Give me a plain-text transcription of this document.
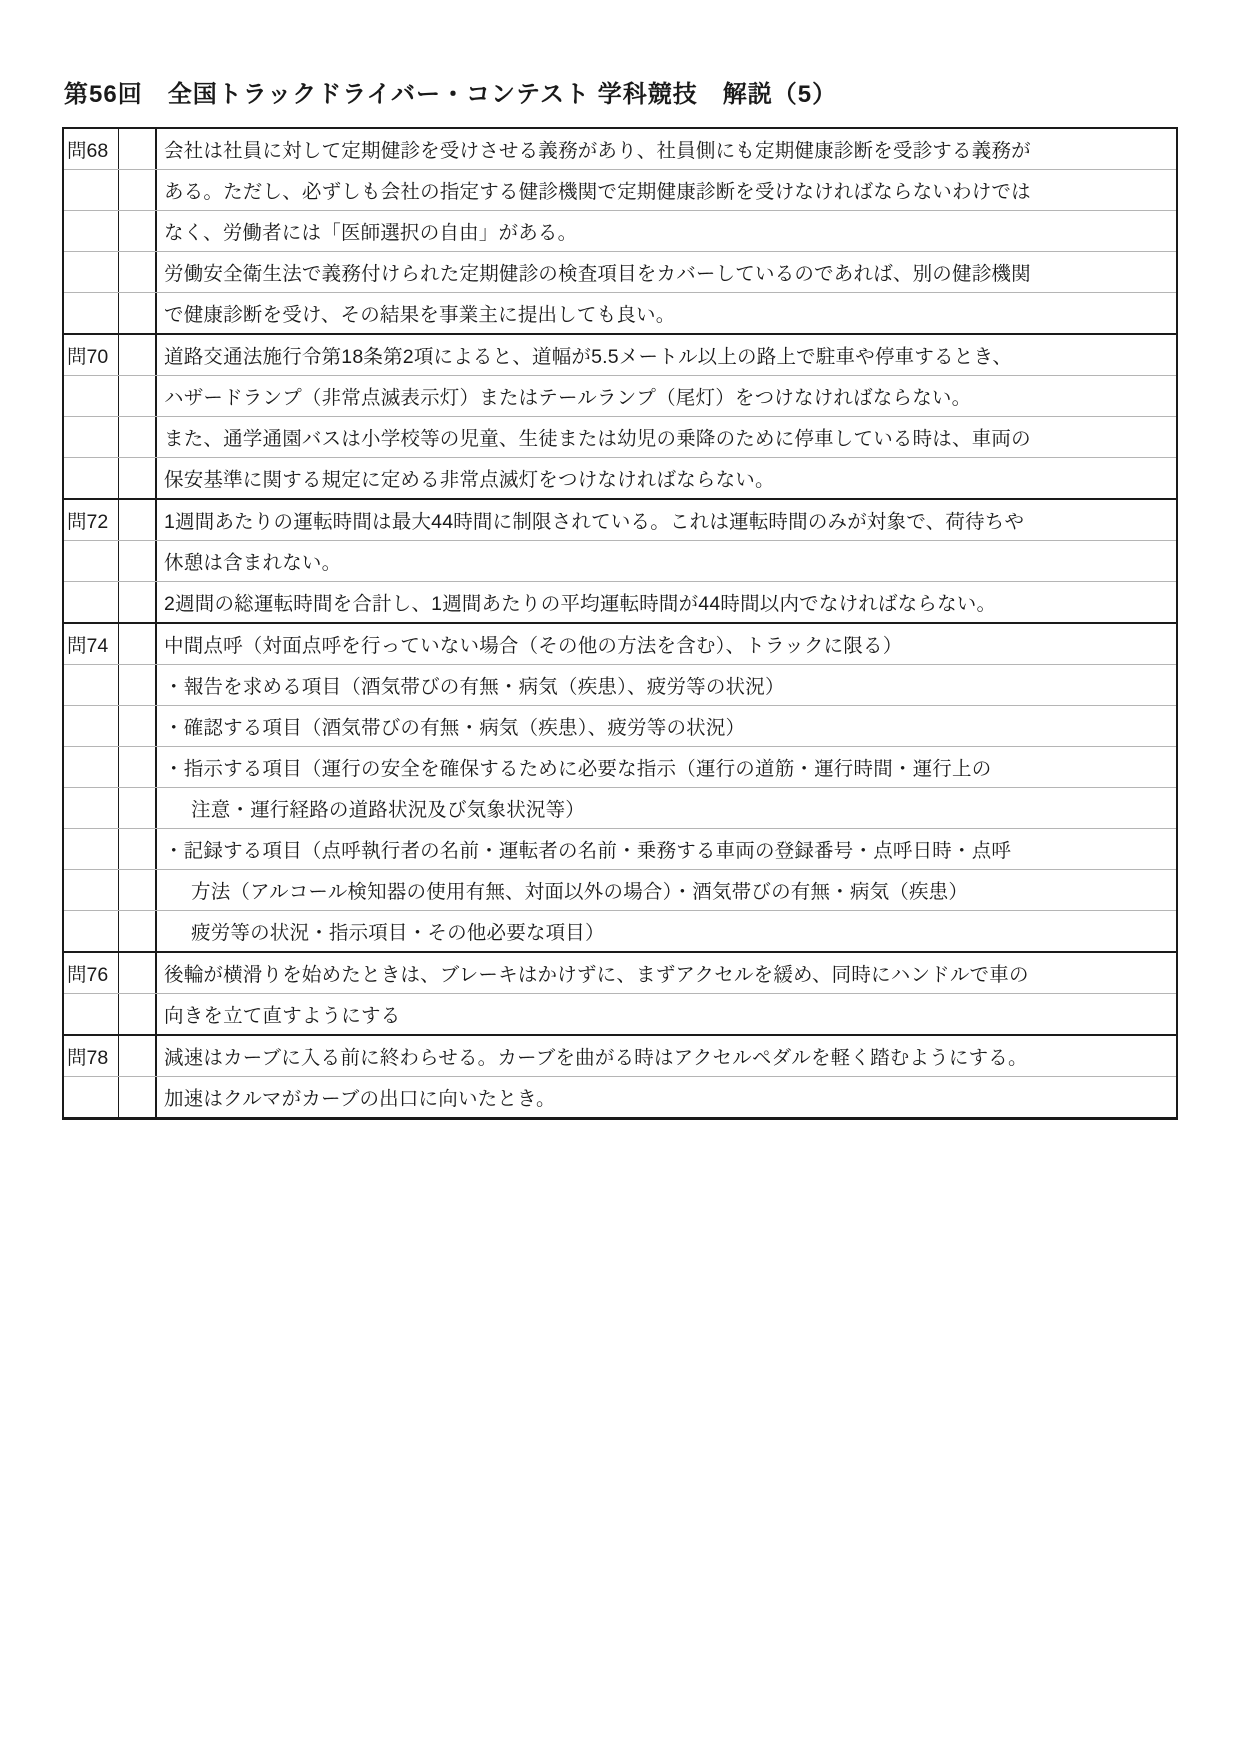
第56回　全国トラックドライバー・コンテスト 学科競技　解説（5）
問68	会社は社員に対して定期健診を受けさせる義務があり、社員側にも定期健康診断を受診する義務が
ある。ただし、必ずしも会社の指定する健診機関で定期健康診断を受けなければならないわけでは
なく、労働者には「医師選択の自由」がある。
労働安全衛生法で義務付けられた定期健診の検査項目をカバーしているのであれば、別の健診機関
で健康診断を受け、その結果を事業主に提出しても良い。
問70	道路交通法施行令第18条第2項によると、道幅が5.5メートル以上の路上で駐車や停車するとき、
ハザードランプ（非常点滅表示灯）またはテールランプ（尾灯）をつけなければならない。
また、通学通園バスは小学校等の児童、生徒または幼児の乗降のために停車している時は、車両の
保安基準に関する規定に定める非常点滅灯をつけなければならない。
問72	1週間あたりの運転時間は最大44時間に制限されている。これは運転時間のみが対象で、荷待ちや
休憩は含まれない。
2週間の総運転時間を合計し、1週間あたりの平均運転時間が44時間以内でなければならない。
問74	中間点呼（対面点呼を行っていない場合（その他の方法を含む）、トラックに限る）
・報告を求める項目（酒気帯びの有無・病気（疾患）、疲労等の状況）
・確認する項目（酒気帯びの有無・病気（疾患）、疲労等の状況）
・指示する項目（運行の安全を確保するために必要な指示（運行の道筋・運行時間・運行上の
注意・運行経路の道路状況及び気象状況等）
・記録する項目（点呼執行者の名前・運転者の名前・乗務する車両の登録番号・点呼日時・点呼
方法（アルコール検知器の使用有無、対面以外の場合）・酒気帯びの有無・病気（疾患）
疲労等の状況・指示項目・その他必要な項目）
問76	後輪が横滑りを始めたときは、ブレーキはかけずに、まずアクセルを緩め、同時にハンドルで車の
向きを立て直すようにする
問78	減速はカーブに入る前に終わらせる。カーブを曲がる時はアクセルペダルを軽く踏むようにする。
加速はクルマがカーブの出口に向いたとき。
